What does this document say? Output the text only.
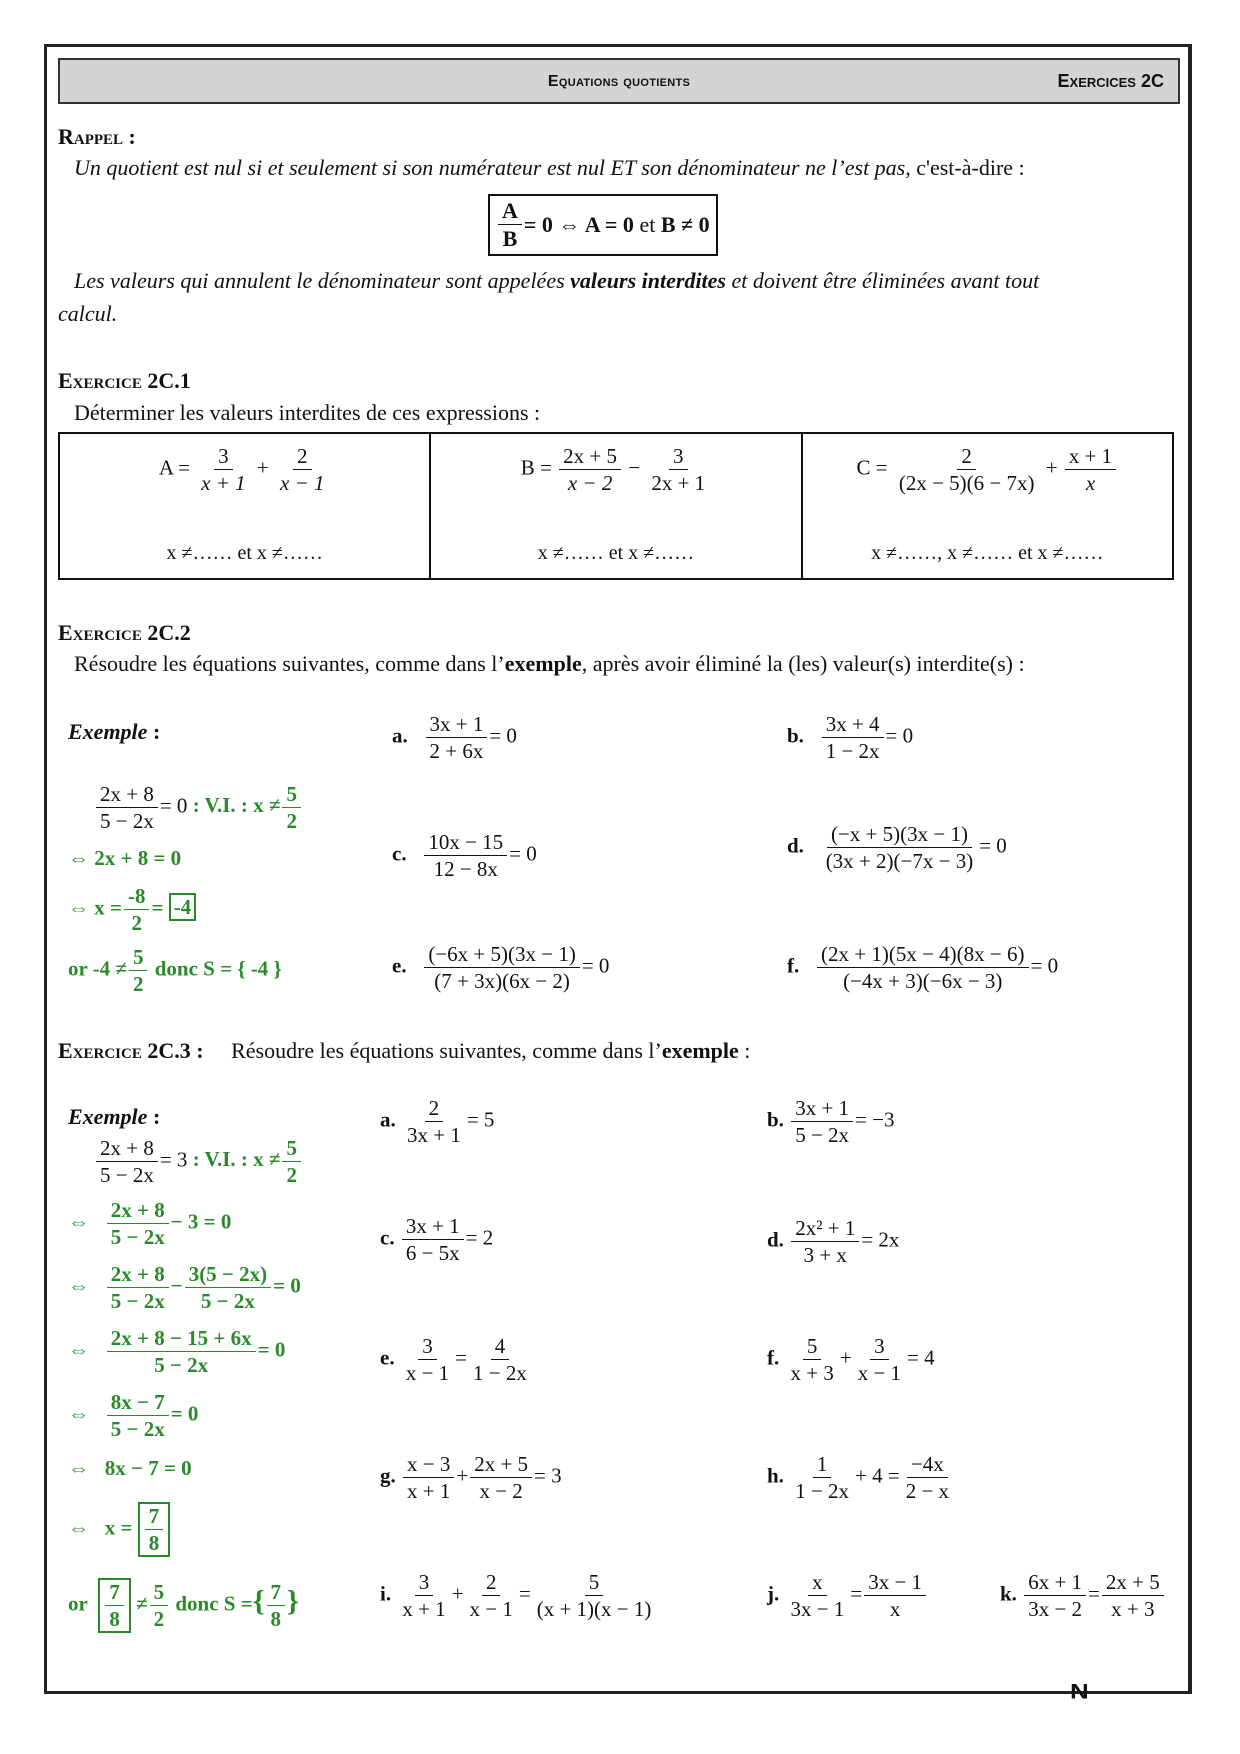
N
Equations quotients	Exercices 2C
Rappel :
Un quotient est nul si et seulement si son numérateur est nul ET son dénominateur ne l’est pas, c'est-à-dire :
$\frac{A}{B} = 0$ ⇔ A = 0
et
B ≠ 0
Les valeurs qui annulent le dénominateur sont appelées valeurs interdites et doivent être éliminées avant tout
calcul.
Exercice 2C.1
Déterminer les valeurs interdites de ces expressions :
$A = \frac{3}{x + 1} + \frac{2}{x - 1}$
x ≠…… et x ≠……

$B = \frac{2x + 5}{x - 2} - \frac{3}{2x + 1}$
x ≠…… et x ≠……

$C = \frac{2}{(2x - 5)(6 - 7x)} + \frac{x + 1}{x}$
x ≠……, x ≠…… et x ≠……
Exercice 2C.2
Résoudre les équations suivantes, comme dans l’exemple, après avoir éliminé la (les) valeur(s) interdite(s) :
Exemple :
$\frac{2x + 8}{5 - 2x} = 0$ : V.I. : $x \ne \frac{5}{2}$
⇔ 2x + 8 = 0
⇔ $x = \frac{-8}{2} = -4$
or $-4 \ne \frac{5}{2}$ donc S = { -4 }
a. $\frac{3x + 1}{2 + 6x} = 0$	b. $\frac{3x + 4}{1 - 2x} = 0$
c. $\frac{10x - 15}{12 - 8x} = 0$	d. $\frac{(-x + 5)(3x - 1)}{(3x + 2)(-7x - 3)} = 0$
e. $\frac{(-6x + 5)(3x - 1)}{(7 + 3x)(6x - 2)} = 0$	f. $\frac{(2x + 1)(5x - 4)(8x - 6)}{(-4x + 3)(-6x - 3)} = 0$
Exercice 2C.3 : Résoudre les équations suivantes, comme dans l’exemple :
Exemple :
$\frac{2x + 8}{5 - 2x} = 3$ : V.I. : $x \ne \frac{5}{2}$
⇔ $\frac{2x + 8}{5 - 2x} - 3 = 0$
⇔ $\frac{2x + 8}{5 - 2x} - \frac{3(5 - 2x)}{5 - 2x} = 0$
⇔ $\frac{2x + 8 - 15 + 6x}{5 - 2x} = 0$
⇔ $\frac{8x - 7}{5 - 2x} = 0$
⇔ 8x − 7 = 0
⇔ $x = \frac{7}{8}$
or $\frac{7}{8} \ne \frac{5}{2}$ donc S ={ $\frac{7}{8}$ }
a. $\frac{2}{3x + 1} = 5$	b. $\frac{3x + 1}{5 - 2x} = -3$
c. $\frac{3x + 1}{6 - 5x} = 2$	d. $\frac{\text{2x² + 1}}{3 + x} = 2x$
e. $\frac{3}{x - 1} = \frac{4}{1 - 2x}$	f. $\frac{5}{x + 3} + \frac{3}{x - 1} = 4$
g. $\frac{x - 3}{x + 1} + \frac{2x + 5}{x - 2} = 3$	h. $\frac{1}{1 - 2x} + 4 = \frac{-4x}{2 - x}$
i. $\frac{3}{x + 1} + \frac{2}{x - 1} = \frac{5}{(x + 1)(x - 1)}$	j. $\frac{x}{3x - 1} = \frac{3x - 1}{x}$	k. $\frac{6x + 1}{3x - 2} = \frac{2x + 5}{x + 3}$
